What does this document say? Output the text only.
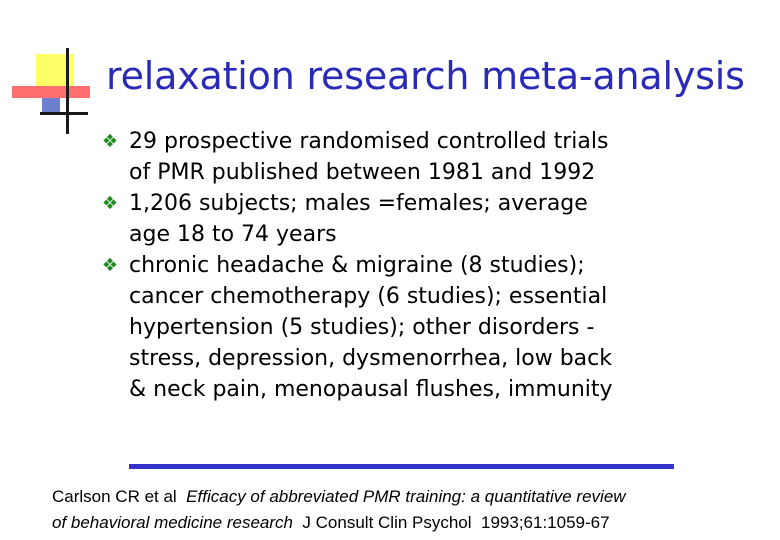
relaxation research meta-analysis
❖ 29 prospective randomised controlled trials
of PMR published between 1981 and 1992
❖ 1,206 subjects; males =females; average
age 18 to 74 years
❖ chronic headache & migraine (8 studies);
cancer chemotherapy (6 studies); essential
hypertension (5 studies); other disorders -
stress, depression, dysmenorrhea, low back
& neck pain, menopausal flushes, immunity
Carlson CR et al Efficacy of abbreviated PMR training: a quantitative review
of behavioral medicine research J Consult Clin Psychol 1993;61:1059-67
